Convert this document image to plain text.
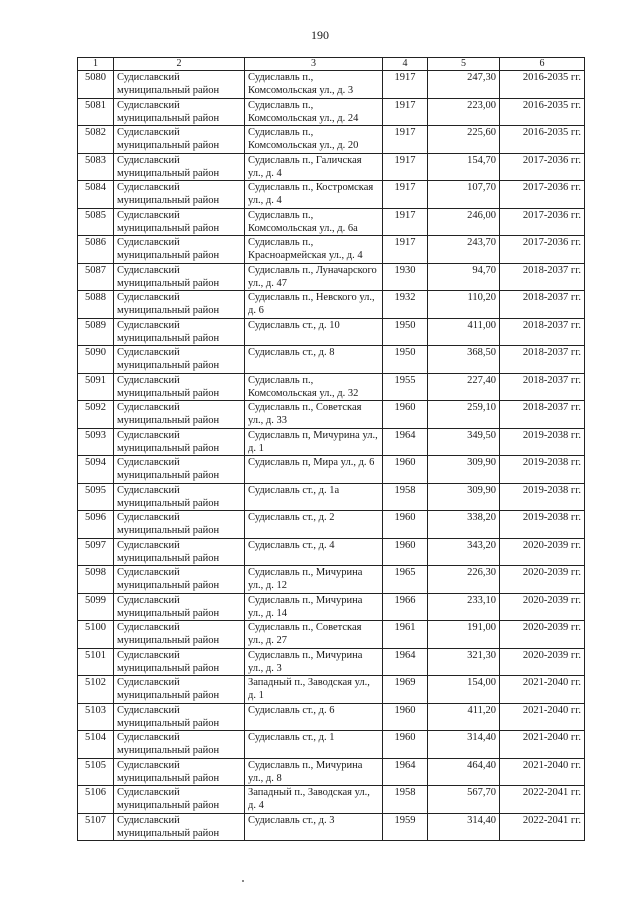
190
1	2	3	4	5	6
5080	Судиславский муниципальный район	Судиславль п., Комсомольская ул., д. 3	1917	247,30	2016-2035 гг.
5081	Судиславский муниципальный район	Судиславль п., Комсомольская ул., д. 24	1917	223,00	2016-2035 гг.
5082	Судиславский муниципальный район	Судиславль п., Комсомольская ул., д. 20	1917	225,60	2016-2035 гг.
5083	Судиславский муниципальный район	Судиславль п., Галичская ул., д. 4	1917	154,70	2017-2036 гг.
5084	Судиславский муниципальный район	Судиславль п., Костромская ул., д. 4	1917	107,70	2017-2036 гг.
5085	Судиславский муниципальный район	Судиславль п., Комсомольская ул., д. 6а	1917	246,00	2017-2036 гг.
5086	Судиславский муниципальный район	Судиславль п., Красноармейская ул., д. 4	1917	243,70	2017-2036 гг.
5087	Судиславский муниципальный район	Судиславль п., Луначарского ул., д. 47	1930	94,70	2018-2037 гг.
5088	Судиславский муниципальный район	Судиславль п., Невского ул., д. 6	1932	110,20	2018-2037 гг.
5089	Судиславский муниципальный район	Судиславль ст., д. 10	1950	411,00	2018-2037 гг.
5090	Судиславский муниципальный район	Судиславль ст., д. 8	1950	368,50	2018-2037 гг.
5091	Судиславский муниципальный район	Судиславль п., Комсомольская ул., д. 32	1955	227,40	2018-2037 гг.
5092	Судиславский муниципальный район	Судиславль п., Советская ул., д. 33	1960	259,10	2018-2037 гг.
5093	Судиславский муниципальный район	Судиславль п, Мичурина ул., д. 1	1964	349,50	2019-2038 гг.
5094	Судиславский муниципальный район	Судиславль п, Мира ул., д. 6	1960	309,90	2019-2038 гг.
5095	Судиславский муниципальный район	Судиславль ст., д. 1а	1958	309,90	2019-2038 гг.
5096	Судиславский муниципальный район	Судиславль ст., д. 2	1960	338,20	2019-2038 гг.
5097	Судиславский муниципальный район	Судиславль ст., д. 4	1960	343,20	2020-2039 гг.
5098	Судиславский муниципальный район	Судиславль п., Мичурина ул., д. 12	1965	226,30	2020-2039 гг.
5099	Судиславский муниципальный район	Судиславль п., Мичурина ул., д. 14	1966	233,10	2020-2039 гг.
5100	Судиславский муниципальный район	Судиславль п., Советская ул., д. 27	1961	191,00	2020-2039 гг.
5101	Судиславский муниципальный район	Судиславль п., Мичурина ул., д. 3	1964	321,30	2020-2039 гг.
5102	Судиславский муниципальный район	Западный п., Заводская ул., д. 1	1969	154,00	2021-2040 гг.
5103	Судиславский муниципальный район	Судиславль ст., д. 6	1960	411,20	2021-2040 гг.
5104	Судиславский муниципальный район	Судиславль ст., д. 1	1960	314,40	2021-2040 гг.
5105	Судиславский муниципальный район	Судиславль п., Мичурина ул., д. 8	1964	464,40	2021-2040 гг.
5106	Судиславский муниципальный район	Западный п., Заводская ул., д. 4	1958	567,70	2022-2041 гг.
5107	Судиславский муниципальный район	Судиславль ст., д. 3	1959	314,40	2022-2041 гг.
